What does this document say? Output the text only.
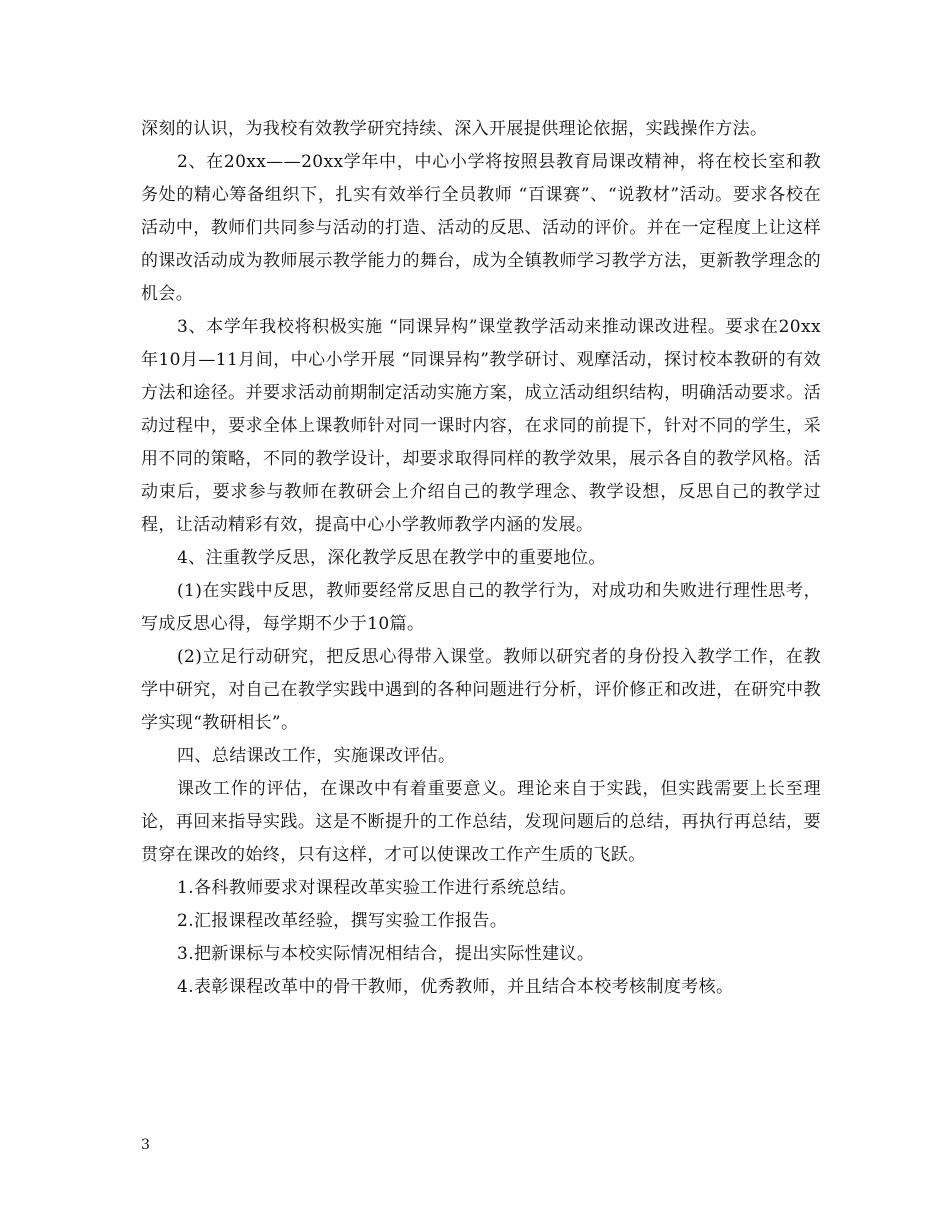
深刻的认识，为我校有效教学研究持续、深入开展提供理论依据，实践操作方法。

2、在20xx——20xx学年中，中心小学将按照县教育局课改精神，将在校长室和教务处的精心筹备组织下，扎实有效举行全员教师 “百课赛”、“说教材”活动。要求各校在活动中，教师们共同参与活动的打造、活动的反思、活动的评价。并在一定程度上让这样的课改活动成为教师展示教学能力的舞台，成为全镇教师学习教学方法，更新教学理念的机会。

3、本学年我校将积极实施 “同课异构”课堂教学活动来推动课改进程。要求在20xx年10月—11月间，中心小学开展 “同课异构”教学研讨、观摩活动，探讨校本教研的有效方法和途径。并要求活动前期制定活动实施方案，成立活动组织结构，明确活动要求。活动过程中，要求全体上课教师针对同一课时内容，在求同的前提下，针对不同的学生，采用不同的策略，不同的教学设计，却要求取得同样的教学效果，展示各自的教学风格。活动束后，要求参与教师在教研会上介绍自己的教学理念、教学设想，反思自己的教学过程，让活动精彩有效，提高中心小学教师教学内涵的发展。

4、注重教学反思，深化教学反思在教学中的重要地位。

(1)在实践中反思，教师要经常反思自己的教学行为，对成功和失败进行理性思考，写成反思心得，每学期不少于10篇。

(2)立足行动研究，把反思心得带入课堂。教师以研究者的身份投入教学工作，在教学中研究，对自己在教学实践中遇到的各种问题进行分析，评价修正和改进，在研究中教学实现“教研相长”。

四、总结课改工作，实施课改评估。

课改工作的评估，在课改中有着重要意义。理论来自于实践，但实践需要上长至理论，再回来指导实践。这是不断提升的工作总结，发现问题后的总结，再执行再总结，要贯穿在课改的始终，只有这样，才可以使课改工作产生质的飞跃。

1.各科教师要求对课程改革实验工作进行系统总结。

2.汇报课程改革经验，撰写实验工作报告。

3.把新课标与本校实际情况相结合，提出实际性建议。

4.表彰课程改革中的骨干教师，优秀教师，并且结合本校考核制度考核。

3
